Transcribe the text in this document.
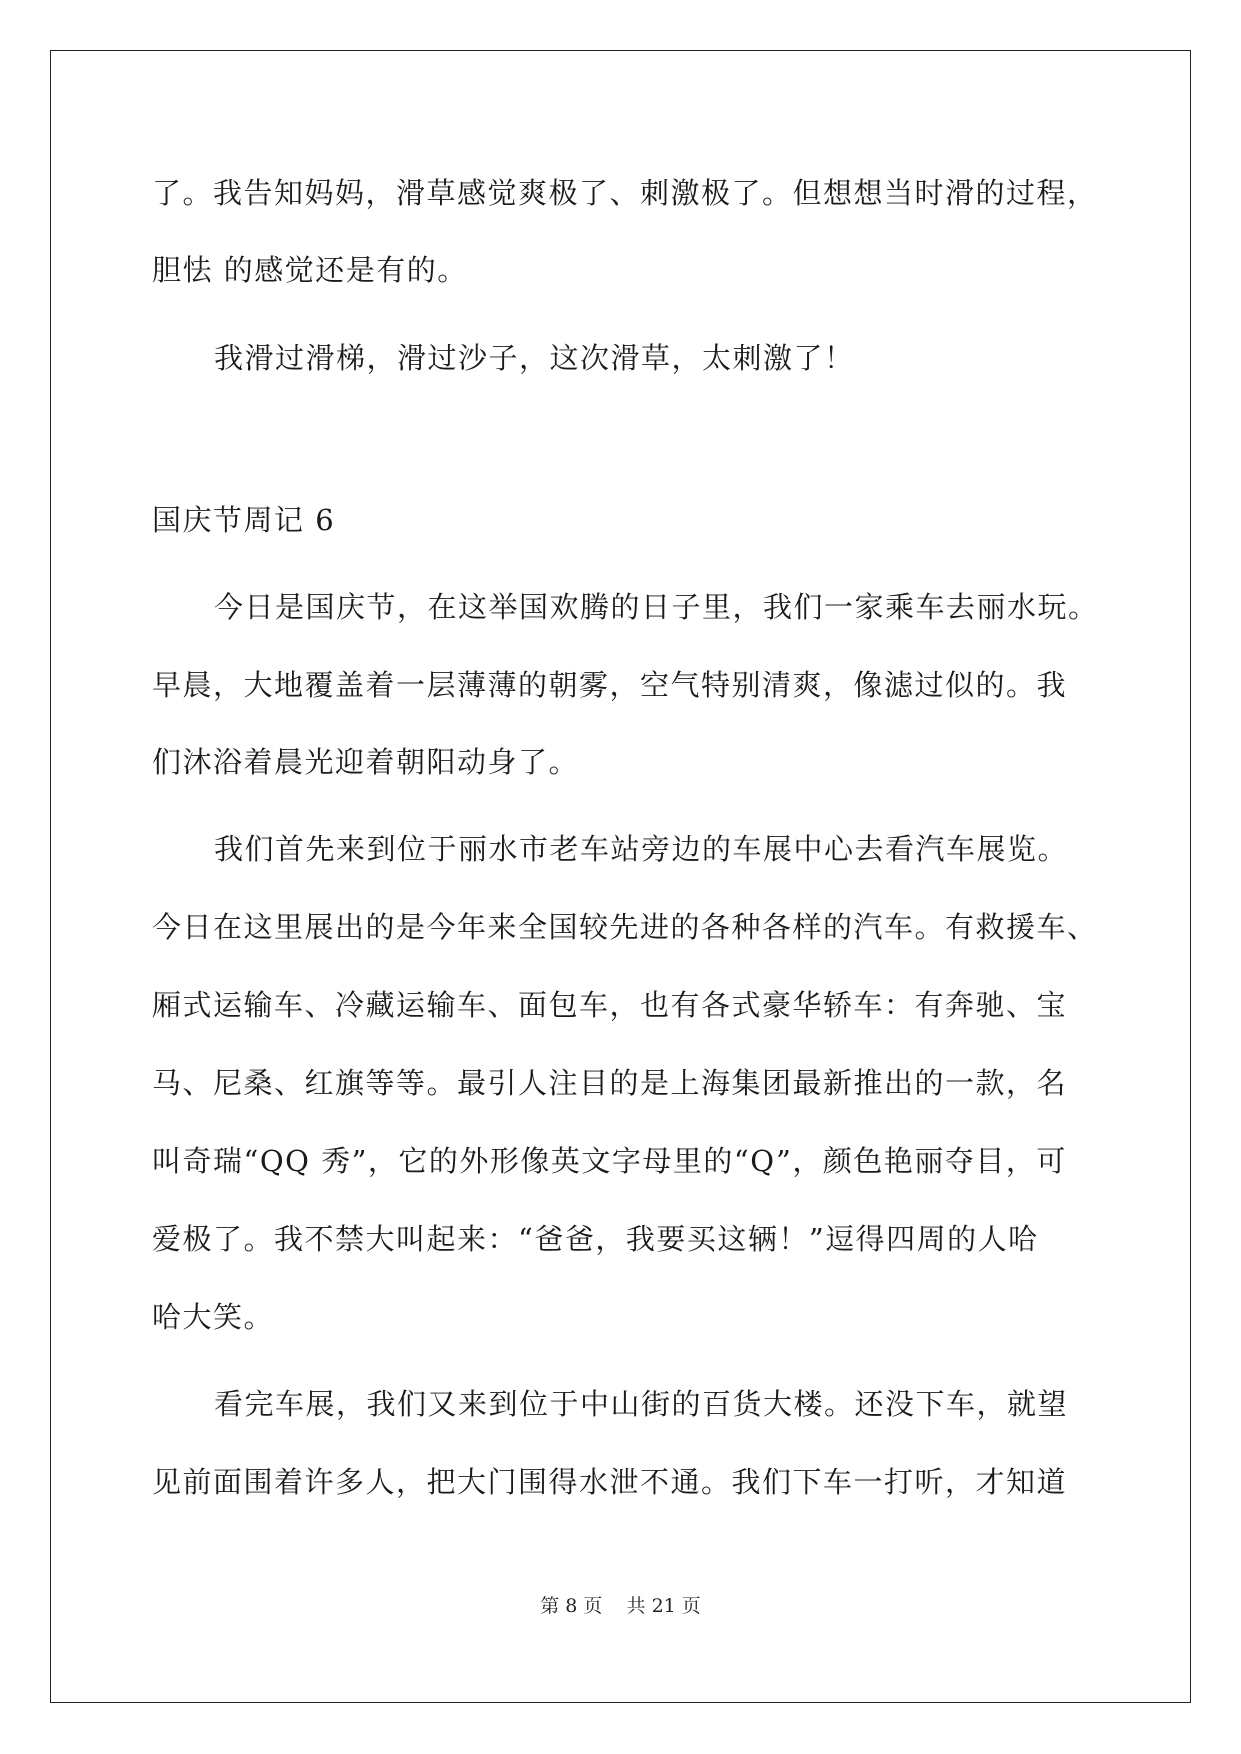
了。我告知妈妈，滑草感觉爽极了、刺激极了。但想想当时滑的过程，
胆怯 的感觉还是有的。
我滑过滑梯，滑过沙子，这次滑草，太刺激了！
国庆节周记 6
今日是国庆节，在这举国欢腾的日子里，我们一家乘车去丽水玩。
早晨，大地覆盖着一层薄薄的朝雾，空气特别清爽，像滤过似的。我
们沐浴着晨光迎着朝阳动身了。
我们首先来到位于丽水市老车站旁边的车展中心去看汽车展览。
今日在这里展出的是今年来全国较先进的各种各样的汽车。有救援车、
厢式运输车、冷藏运输车、面包车，也有各式豪华轿车：有奔驰、宝
马、尼桑、红旗等等。最引人注目的是上海集团最新推出的一款，名
叫奇瑞“QQ 秀”，它的外形像英文字母里的“Q”，颜色艳丽夺目，可
爱极了。我不禁大叫起来：“爸爸，我要买这辆！”逗得四周的人哈
哈大笑。
看完车展，我们又来到位于中山街的百货大楼。还没下车，就望
见前面围着许多人，把大门围得水泄不通。我们下车一打听，才知道
第 8 页    共 21 页
